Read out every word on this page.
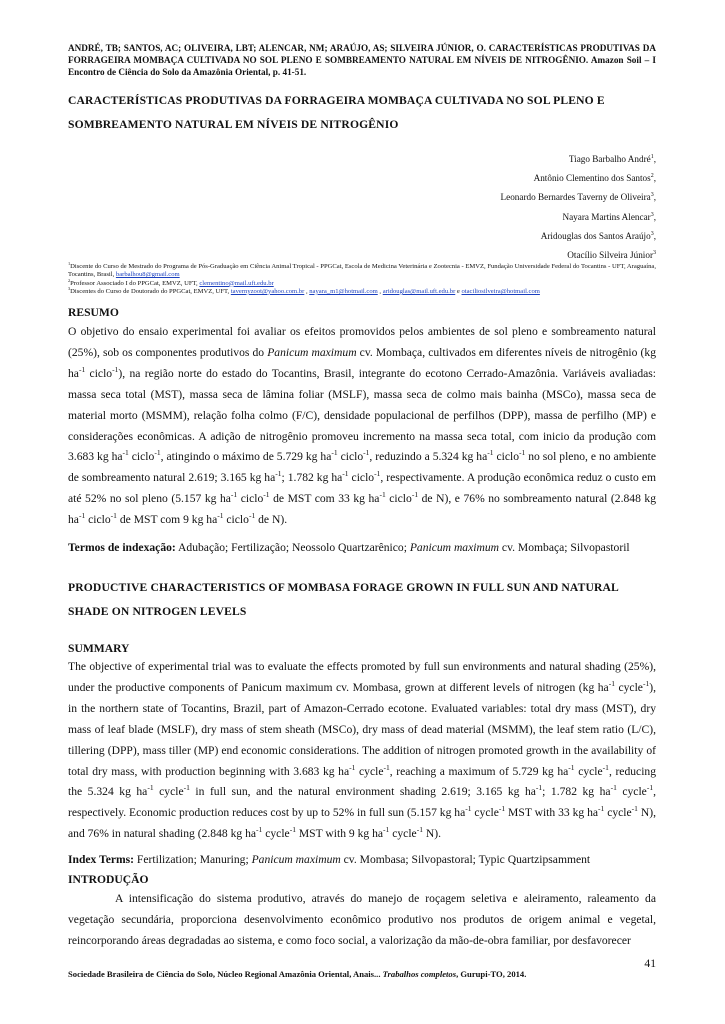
ANDRÉ, TB; SANTOS, AC; OLIVEIRA, LBT; ALENCAR, NM; ARAÚJO, AS; SILVEIRA JÚNIOR, O. CARACTERÍSTICAS PRODUTIVAS DA FORRAGEIRA MOMBAÇA CULTIVADA NO SOL PLENO E SOMBREAMENTO NATURAL EM NÍVEIS DE NITROGÊNIO. Amazon Soil – I Encontro de Ciência do Solo da Amazônia Oriental, p. 41-51.
CARACTERÍSTICAS PRODUTIVAS DA FORRAGEIRA MOMBAÇA CULTIVADA NO SOL PLENO E SOMBREAMENTO NATURAL EM NÍVEIS DE NITROGÊNIO
Tiago Barbalho André$^1$,
Antônio Clementino dos Santos$^2$,
Leonardo Bernardes Taverny de Oliveira$^3$,
Nayara Martins Alencar$^3$,
Aridouglas dos Santos Araújo$^3$,
Otacílio Silveira Júnior$^3$
$^1$Discente do Curso de Mestrado do Programa de Pós-Graduação em Ciência Animal Tropical - PPGCat, Escola de Medicina Veterinária e Zootecnia - EMVZ, Fundação Universidade Federal do Tocantins - UFT, Araguaína, Tocantins, Brasil, barbalhou8@gmail.com
$^2$Professor Associado I do PPGCat, EMVZ, UFT, clementino@mail.uft.edu.br
$^3$Discentes do Curso de Doutorado do PPGCat, EMVZ, UFT, tavernyzoot@yahoo.com.br , nayara_m1@hotmail.com , aridouglas@mail.uft.edu.br e otaciliosilveira@hotmail.com
RESUMO
O objetivo do ensaio experimental foi avaliar os efeitos promovidos pelos ambientes de sol pleno e sombreamento natural (25%), sob os componentes produtivos do Panicum maximum cv. Mombaça, cultivados em diferentes níveis de nitrogênio (kg $ha^{-1}$ ciclo$^{-1}$), na região norte do estado do Tocantins, Brasil, integrante do ecotono Cerrado-Amazônia. Variáveis avaliadas: massa seca total (MST), massa seca de lâmina foliar (MSLF), massa seca de colmo mais bainha (MSCo), massa seca de material morto (MSMM), relação folha colmo (F/C), densidade populacional de perfilhos (DPP), massa de perfilho (MP) e considerações econômicas. A adição de nitrogênio promoveu incremento na massa seca total, com inicio da produção com 3.683 kg $ha^{-1}$ ciclo$^{-1}$, atingindo o máximo de 5.729 kg $ha^{-1}$ ciclo$^{-1}$, reduzindo a 5.324 kg $ha^{-1}$ ciclo$^{-1}$ no sol pleno, e no ambiente de sombreamento natural 2.619; 3.165 kg $ha^{-1}$; 1.782 kg $ha^{-1}$ ciclo$^{-1}$, respectivamente. A produção econômica reduz o custo em até 52% no sol pleno (5.157 kg $ha^{-1}$ ciclo$^{-1}$ de MST com 33 kg $ha^{-1}$ ciclo$^{-1}$ de N), e 76% no sombreamento natural (2.848 kg $ha^{-1}$ ciclo$^{-1}$ de MST com 9 kg $ha^{-1}$ ciclo$^{-1}$ de N).
Termos de indexação: Adubação; Fertilização; Neossolo Quartzarênico; Panicum maximum cv. Mombaça; Silvopastoril
PRODUCTIVE CHARACTERISTICS OF MOMBASA FORAGE GROWN IN FULL SUN AND NATURAL SHADE ON NITROGEN LEVELS
SUMMARY
The objective of experimental trial was to evaluate the effects promoted by full sun environments and natural shading (25%), under the productive components of Panicum maximum cv. Mombasa, grown at different levels of nitrogen (kg $ha^{-1}$ cycle$^{-1}$), in the northern state of Tocantins, Brazil, part of Amazon-Cerrado ecotone. Evaluated variables: total dry mass (MST), dry mass of leaf blade (MSLF), dry mass of stem sheath (MSCo), dry mass of dead material (MSMM), the leaf stem ratio (L/C), tillering (DPP), mass tiller (MP) end economic considerations. The addition of nitrogen promoted growth in the availability of total dry mass, with production beginning with 3.683 kg $ha^{-1}$ cycle$^{-1}$, reaching a maximum of 5.729 kg $ha^{-1}$ cycle$^{-1}$, reducing the 5.324 kg $ha^{-1}$ cycle$^{-1}$ in full sun, and the natural environment shading 2.619; 3.165 kg $ha^{-1}$; 1.782 kg $ha^{-1}$ cycle$^{-1}$, respectively. Economic production reduces cost by up to 52% in full sun (5.157 kg $ha^{-1}$ cycle$^{-1}$ MST with 33 kg $ha^{-1}$ cycle$^{-1}$ N), and 76% in natural shading (2.848 kg $ha^{-1}$ cycle$^{-1}$ MST with 9 kg $ha^{-1}$ cycle$^{-1}$ N).
Index Terms: Fertilization; Manuring; Panicum maximum cv. Mombasa; Silvopastoral; Typic Quartzipsamment
INTRODUÇÃO
A intensificação do sistema produtivo, através do manejo de roçagem seletiva e aleiramento, raleamento da vegetação secundária, proporciona desenvolvimento econômico produtivo nos produtos de origem animal e vegetal, reincorporando áreas degradadas ao sistema, e como foco social, a valorização da mão-de-obra familiar, por desfavorecer
41
Sociedade Brasileira de Ciência do Solo, Núcleo Regional Amazônia Oriental, Anais... Trabalhos completos, Gurupi-TO, 2014.
